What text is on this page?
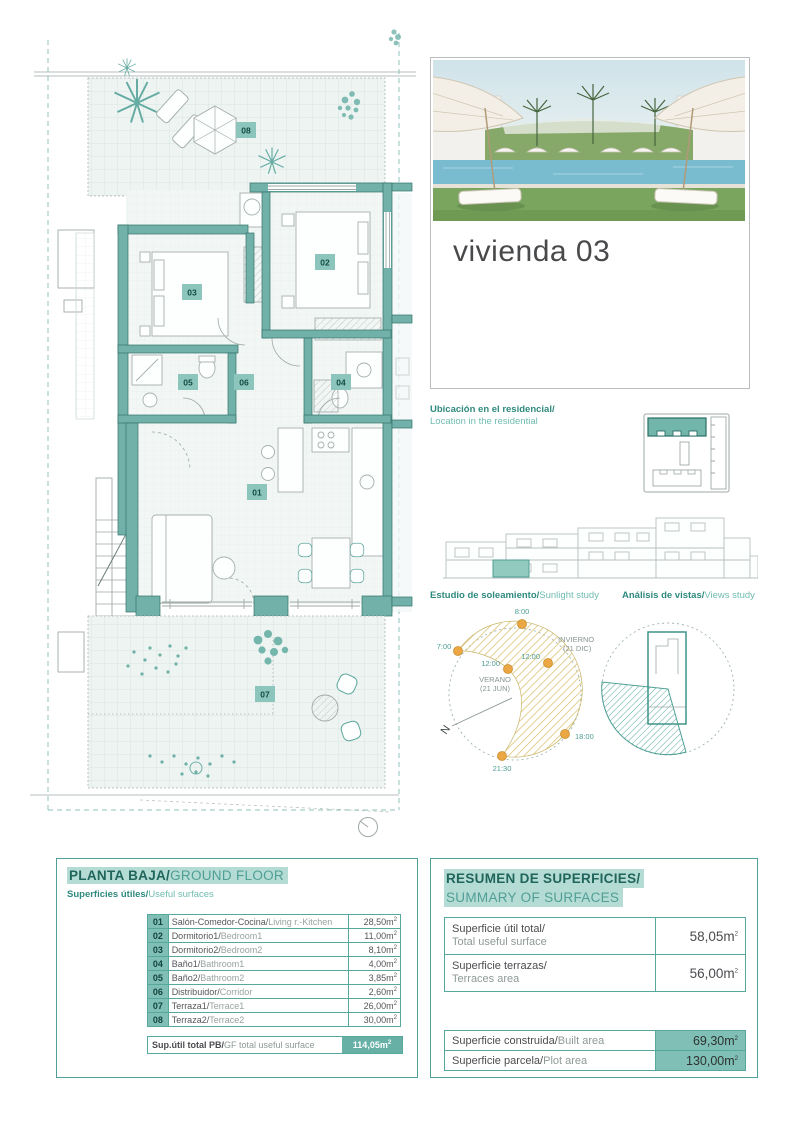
08
01
02
03
04
05	06
07
vivienda 03
Ubicación en el residencial/
Location in the residential
Estudio de soleamiento/Sunlight study Análisis de vistas/Views study
N
8:00
7:00
12:00
12:00
18:00
21:30
INVIERNO
(21 DIC)
VERANO
(21 JUN)
PLANTA BAJA/GROUND FLOOR
Superficies útiles/Useful surfaces
01	Salón-Comedor-Cocina/Living r.-Kitchen	$28,50m^2$
02	Dormitorio1/Bedroom1	$11,00m^2$
03	Dormitorio2/Bedroom2	$8,10m^2$
04	Baño1/Bathroom1	$4,00m^2$
05	Baño2/Bathroom2	$3,85m^2$
06	Distribuidor/Corridor	$2,60m^2$
07	Terraza1/Terrace1	$26,00m^2$
08	Terraza2/Terrace2	$30,00m^2$
Sup.útil total PB/GF total useful surface	$114,05m^2$
RESUMEN DE SUPERFICIES/
SUMMARY OF SURFACES
Superficie útil total/
Total useful surface	$58,05m^2$
Superficie terrazas/
Terraces area	$56,00m^2$
Superficie construida/Built area	$69,30m^2$
Superficie parcela/Plot area	$130,00m^2$
